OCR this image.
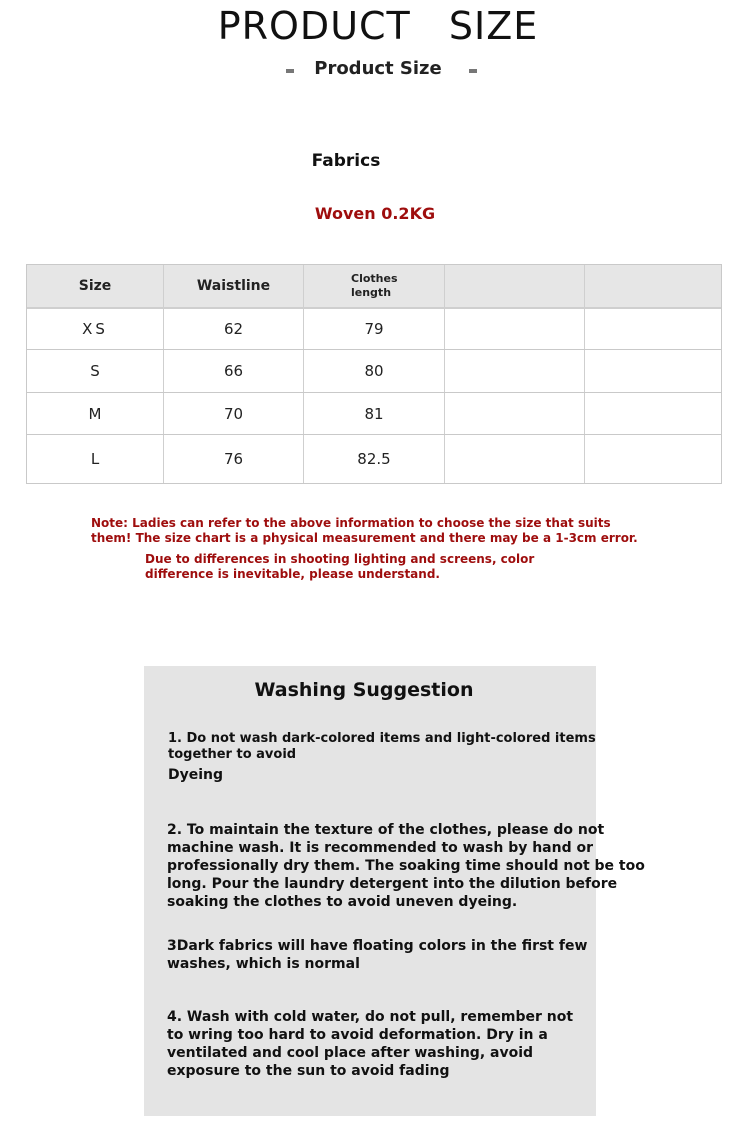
PRODUCT  SIZE
Product Size
Fabrics
Woven 0.2KG
Size	Waistline	Clothes
length
XS	62	79
S	66	80
M	70	81
L	76	82.5
Note: Ladies can refer to the above information to choose the size that suits them! The size chart is a physical measurement and there may be a 1-3cm error.
Due to differences in shooting lighting and screens, color difference is inevitable, please understand.
Washing Suggestion
1. Do not wash dark-colored items and light-colored items together to avoid
Dyeing
2. To maintain the texture of the clothes, please do not machine wash. It is recommended to wash by hand or professionally dry them. The soaking time should not be too long. Pour the laundry detergent into the dilution before soaking the clothes to avoid uneven dyeing.
3Dark fabrics will have floating colors in the first few washes, which is normal
4. Wash with cold water, do not pull, remember not to wring too hard to avoid deformation. Dry in a ventilated and cool place after washing, avoid exposure to the sun to avoid fading
